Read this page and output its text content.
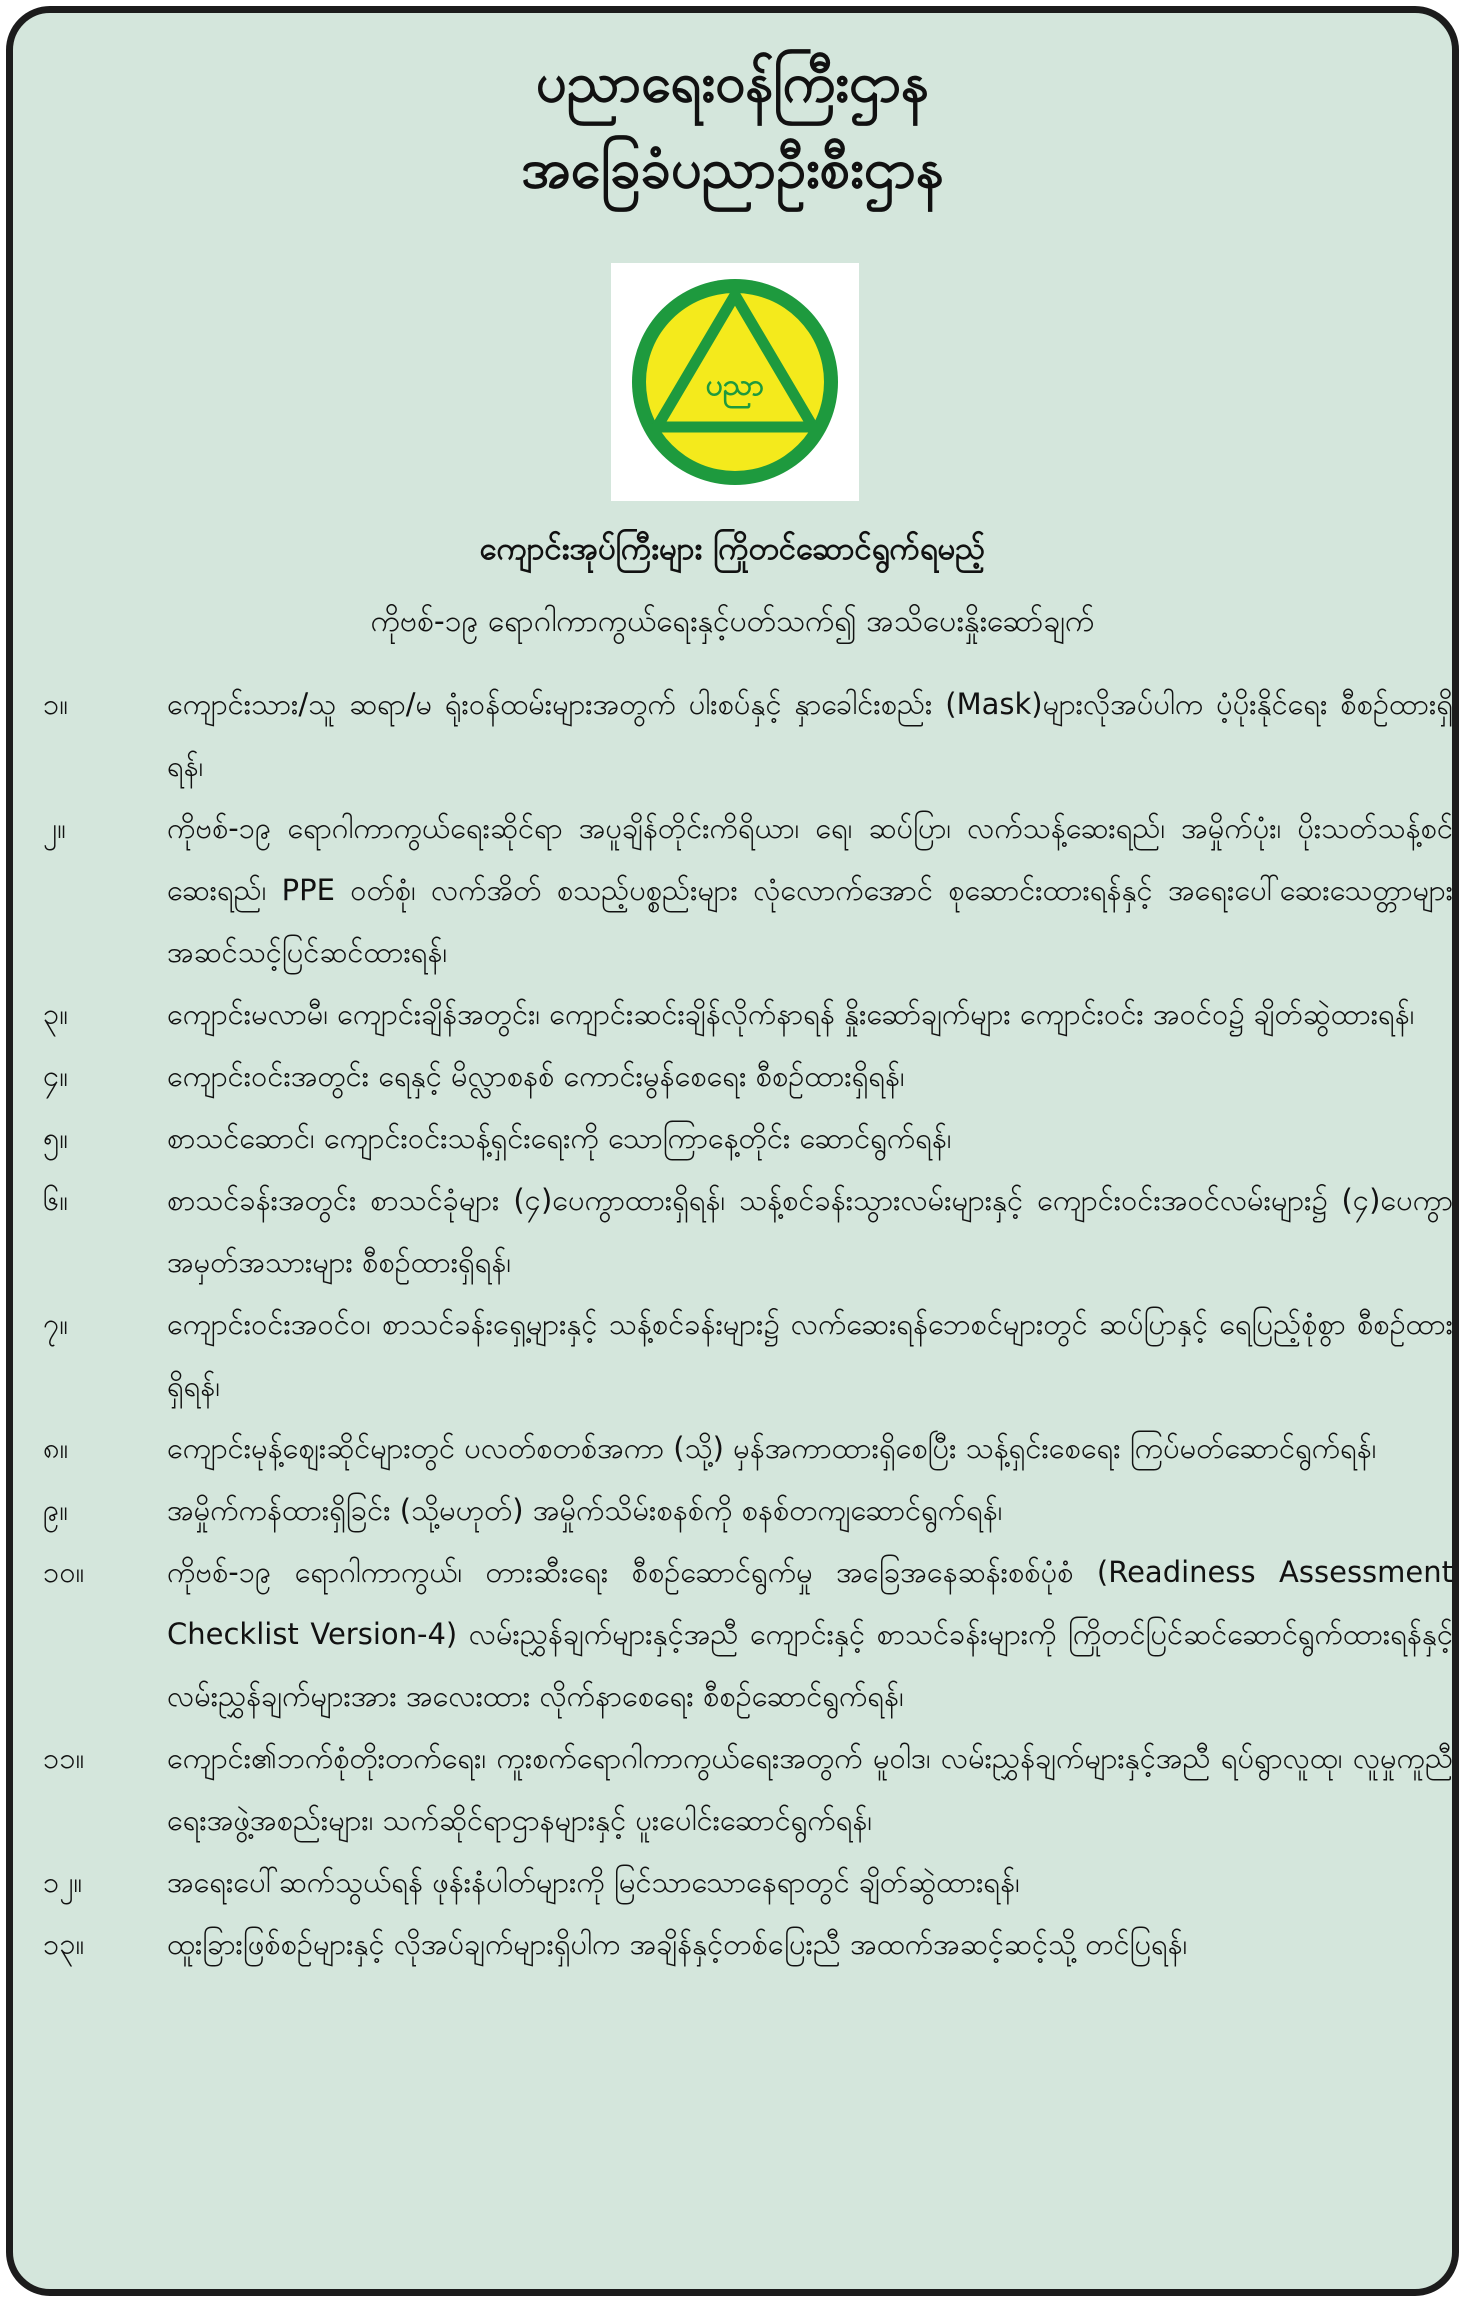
ပညာရေးဝန်ကြီးဌာန
အခြေခံပညာဦးစီးဌာန
ပညာ
ကျောင်းအုပ်ကြီးများ ကြိုတင်ဆောင်ရွက်ရမည့်
ကိုဗစ်-၁၉ ရောဂါကာကွယ်ရေးနှင့်ပတ်သက်၍ အသိပေးနှိုးဆော်ချက်
၁။	ကျောင်းသား/သူ ဆရာ/မ ရုံးဝန်ထမ်းများအတွက် ပါးစပ်နှင့် နှာခေါင်းစည်း (Mask)များလိုအပ်ပါက ပံ့ပိုးနိုင်ရေး စီစဉ်ထားရှိရန်၊
၂။	ကိုဗစ်-၁၉ ရောဂါကာကွယ်ရေးဆိုင်ရာ အပူချိန်တိုင်းကိရိယာ၊ ရေ၊ ဆပ်ပြာ၊ လက်သန့်ဆေးရည်၊ အမှိုက်ပုံး၊ ပိုးသတ်သန့်စင်ဆေးရည်၊ PPE ဝတ်စုံ၊ လက်အိတ် စသည့်ပစ္စည်းများ လုံလောက်အောင် စုဆောင်းထားရန်နှင့် အရေးပေါ်ဆေးသေတ္တာများ အဆင်သင့်ပြင်ဆင်ထားရန်၊
၃။	ကျောင်းမလာမီ၊ ကျောင်းချိန်အတွင်း၊ ကျောင်းဆင်းချိန်လိုက်နာရန် နှိုးဆော်ချက်များ ကျောင်းဝင်း အဝင်ဝ၌ ချိတ်ဆွဲထားရန်၊
၄။	ကျောင်းဝင်းအတွင်း ရေနှင့် မိလ္လာစနစ် ကောင်းမွန်စေရေး စီစဉ်ထားရှိရန်၊
၅။	စာသင်ဆောင်၊ ကျောင်းဝင်းသန့်ရှင်းရေးကို သောကြာနေ့တိုင်း ဆောင်ရွက်ရန်၊
၆။	စာသင်ခန်းအတွင်း စာသင်ခုံများ (၄)ပေကွာထားရှိရန်၊ သန့်စင်ခန်းသွားလမ်းများနှင့် ကျောင်းဝင်းအဝင်လမ်းများ၌ (၄)ပေကွာ အမှတ်အသားများ စီစဉ်ထားရှိရန်၊
၇။	ကျောင်းဝင်းအဝင်ဝ၊ စာသင်ခန်းရှေ့များနှင့် သန့်စင်ခန်းများ၌ လက်ဆေးရန်ဘေစင်များတွင် ဆပ်ပြာနှင့် ရေပြည့်စုံစွာ စီစဉ်ထားရှိရန်၊
၈။	ကျောင်းမုန့်ဈေးဆိုင်များတွင် ပလတ်စတစ်အကာ (သို့) မှန်အကာထားရှိစေပြီး သန့်ရှင်းစေရေး ကြပ်မတ်ဆောင်ရွက်ရန်၊
၉။	အမှိုက်ကန်ထားရှိခြင်း (သို့မဟုတ်) အမှိုက်သိမ်းစနစ်ကို စနစ်တကျဆောင်ရွက်ရန်၊
၁၀။	ကိုဗစ်-၁၉ ရောဂါကာကွယ်၊ တားဆီးရေး စီစဉ်ဆောင်ရွက်မှု အခြေအနေဆန်းစစ်ပုံစံ (Readiness Assessment Checklist Version-4) လမ်းညွှန်ချက်များနှင့်အညီ ကျောင်းနှင့် စာသင်ခန်းများကို ကြိုတင်ပြင်ဆင်ဆောင်ရွက်ထားရန်နှင့် လမ်းညွှန်ချက်များအား အလေးထား လိုက်နာစေရေး စီစဉ်ဆောင်ရွက်ရန်၊
၁၁။	ကျောင်း၏ဘက်စုံတိုးတက်ရေး၊ ကူးစက်ရောဂါကာကွယ်ရေးအတွက် မူဝါဒ၊ လမ်းညွှန်ချက်များနှင့်အညီ ရပ်ရွာလူထု၊ လူမှုကူညီရေးအဖွဲ့အစည်းများ၊ သက်ဆိုင်ရာဌာနများနှင့် ပူးပေါင်းဆောင်ရွက်ရန်၊
၁၂။	အရေးပေါ်ဆက်သွယ်ရန် ဖုန်းနံပါတ်များကို မြင်သာသောနေရာတွင် ချိတ်ဆွဲထားရန်၊
၁၃။	ထူးခြားဖြစ်စဉ်များနှင့် လိုအပ်ချက်များရှိပါက အချိန်နှင့်တစ်ပြေးညီ အထက်အဆင့်ဆင့်သို့ တင်ပြရန်၊
